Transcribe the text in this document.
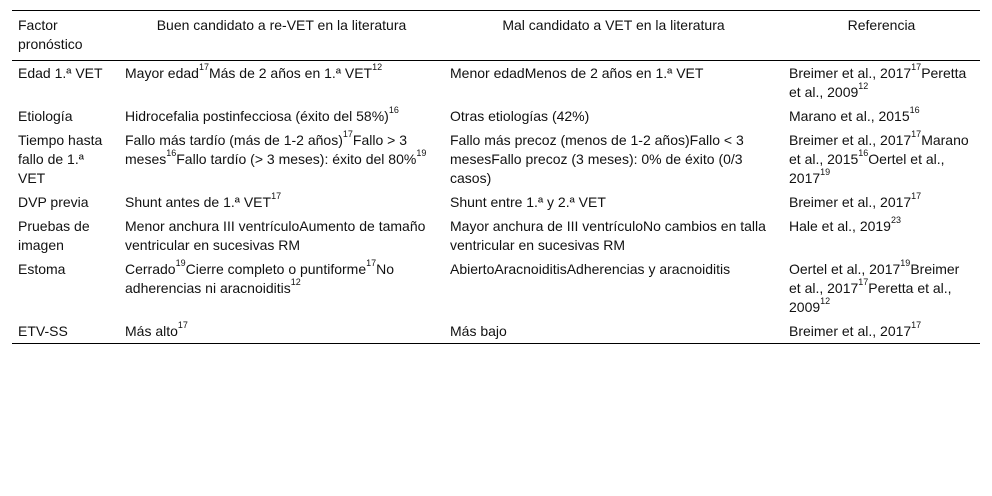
Factor pronóstico	Buen candidato a re-VET en la literatura	Mal candidato a VET en la literatura	Referencia
Edad 1.ª VET	Mayor edad$^{17}$Más de 2 años en 1.ª VET$^{12}$	Menor edadMenos de 2 años en 1.ª VET	Breimer et al., 2017$^{17}$Peretta et al., 2009$^{12}$
Etiología	Hidrocefalia postinfecciosa (éxito del 58%)$^{16}$	Otras etiologías (42%)	Marano et al., 2015$^{16}$
Tiempo hasta fallo de 1.ª VET	Fallo más tardío (más de 1-2 años)$^{17}$Fallo > 3 meses$^{16}$Fallo tardío (> 3 meses): éxito del 80%$^{19}$	Fallo más precoz (menos de 1-2 años)Fallo < 3 mesesFallo precoz (3 meses): 0% de éxito (0/3 casos)	Breimer et al., 2017$^{17}$Marano et al., 2015$^{16}$Oertel et al., 2017$^{19}$
DVP previa	Shunt antes de 1.ª VET$^{17}$	Shunt entre 1.ª y 2.ª VET	Breimer et al., 2017$^{17}$
Pruebas de imagen	Menor anchura III ventrículoAumento de tamaño ventricular en sucesivas RM	Mayor anchura de III ventrículoNo cambios en talla ventricular en sucesivas RM	Hale et al., 2019$^{23}$
Estoma	Cerrado$^{19}$Cierre completo o puntiforme$^{17}$No adherencias ni aracnoiditis$^{12}$	AbiertoAracnoiditisAdherencias y aracnoiditis	Oertel et al., 2017$^{19}$Breimer et al., 2017$^{17}$Peretta et al., 2009$^{12}$
ETV-SS	Más alto$^{17}$	Más bajo	Breimer et al., 2017$^{17}$
